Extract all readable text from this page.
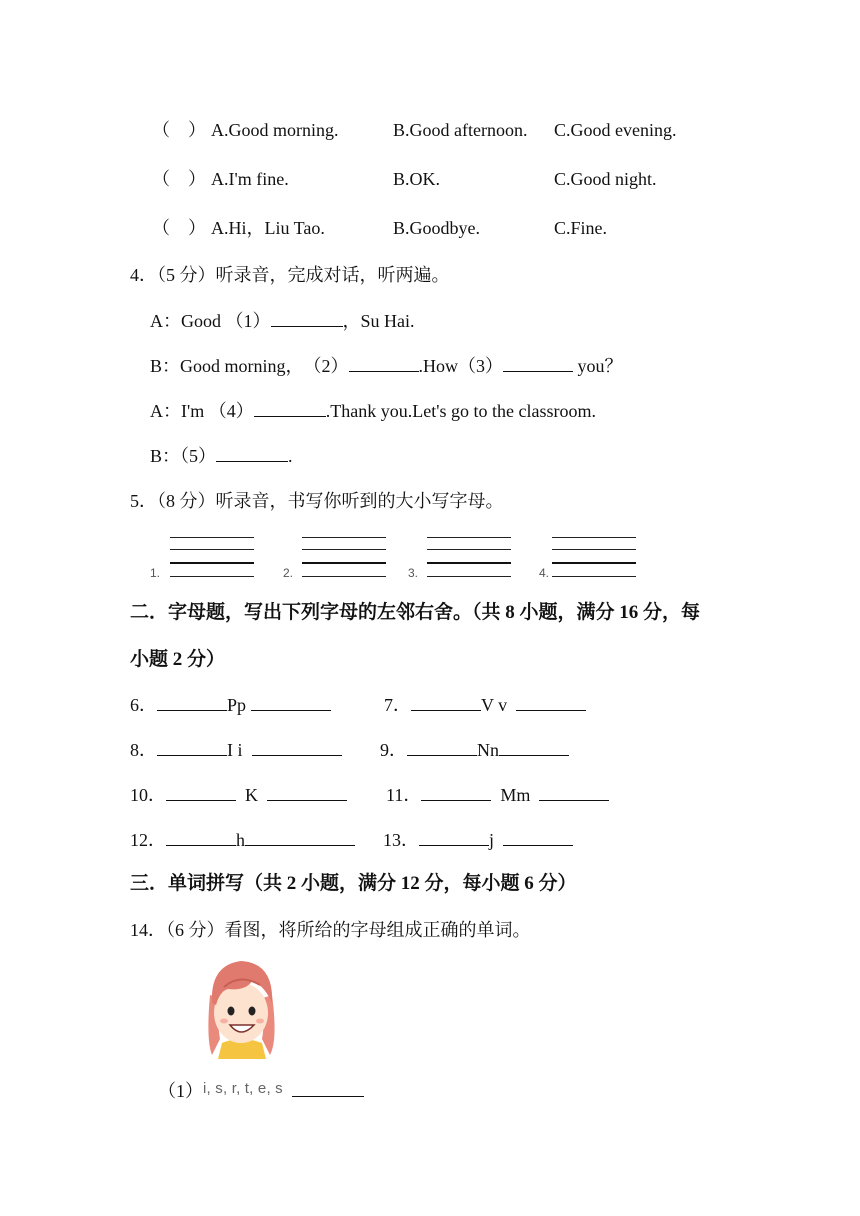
（　） A.Good morning.	B.Good afternoon. C.Good evening.
（　） A.I'm fine.	B.OK.	C.Good night.
（　） A.Hi，Liu Tao.	B.Goodbye.	C.Fine.
4．（5 分）听录音，完成对话，听两遍。
A：Good （1）	，Su Hai.
B：Good morning，　（2）	.How（3）	you？
A：I'm （4）	.Thank you.Let's go to the classroom.
B：（5）	.
5．（8 分）听录音，书写你听到的大小写字母。
1.	2.	3.	4.
二．字母题，写出下列字母的左邻右舍。（共 8 小题，满分 16 分，每
小题 2 分）
6．	Pp	7．	V v
8．	I i	9．	Nn
10．	K	11．	Mm
12．	h	13．	j
三．单词拼写（共 2 小题，满分 12 分，每小题 6 分）
14．（6 分）看图，将所给的字母组成正确的单词。
$(1)^{i, s, r, t, e, s}$
